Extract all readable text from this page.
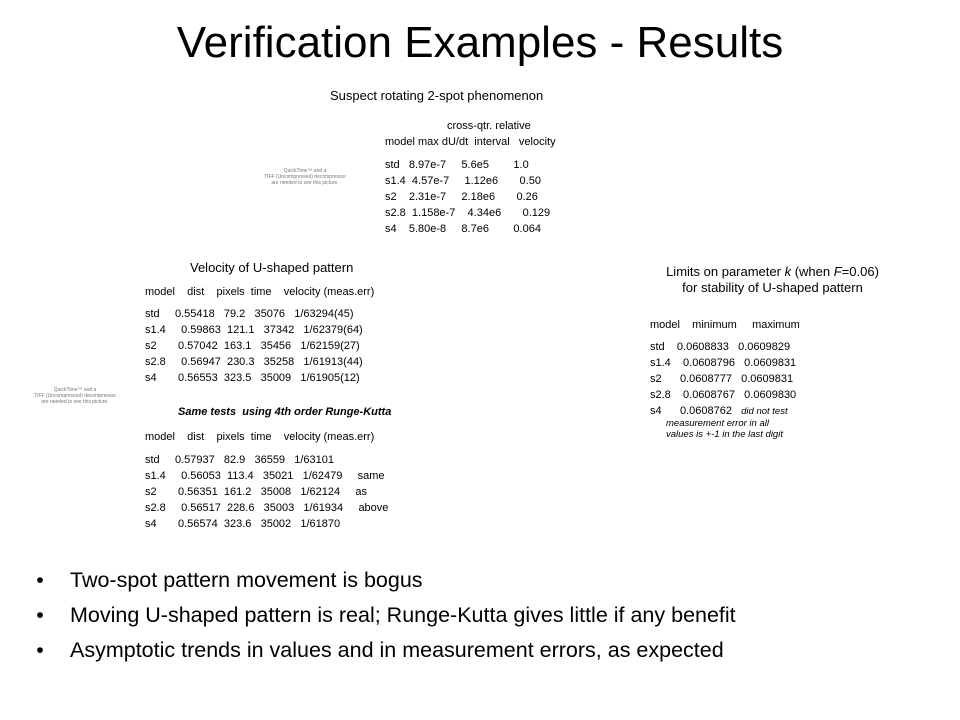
Verification Examples - Results
Suspect rotating 2-spot phenomenon
QuickTime™ and a
TIFF (Uncompressed) decompressor
are needed to see this picture.
cross-qtr. relative
model max dU/dt  interval   velocity
std   8.97e-7     5.6e5        1.0
s1.4  4.57e-7     1.12e6       0.50
s2    2.31e-7     2.18e6       0.26
s2.8  1.158e-7    4.34e6       0.129
s4    5.80e-8     8.7e6        0.064
Velocity of U-shaped pattern
QuickTime™ and a
TIFF (Uncompressed) decompressor
are needed to see this picture.
model    dist    pixels  time    velocity (meas.err)
std     0.55418   79.2   35076   1/63294(45)
s1.4     0.59863  121.1   37342   1/62379(64)
s2       0.57042  163.1   35456   1/62159(27)
s2.8     0.56947  230.3   35258   1/61913(44)
s4       0.56553  323.5   35009   1/61905(12)
Same tests  using 4th order Runge-Kutta
model    dist    pixels  time    velocity (meas.err)
std     0.57937   82.9   36559   1/63101
s1.4     0.56053  113.4   35021   1/62479     same
s2       0.56351  161.2   35008   1/62124     as
s2.8     0.56517  228.6   35003   1/61934     above
s4       0.56574  323.6   35002   1/61870
Limits on parameter k (when F=0.06)
for stability of U-shaped pattern
model    minimum     maximum
std    0.0608833   0.0609829
s1.4    0.0608796   0.0609831
s2      0.0608777   0.0609831
s2.8    0.0608767   0.0609830
s4      0.0608762 did not test
measurement error in all
values is +-1 in the last digit
• Two-spot pattern movement is bogus
• Moving U-shaped pattern is real; Runge-Kutta gives little if any benefit
• Asymptotic trends in values and in measurement errors, as expected
